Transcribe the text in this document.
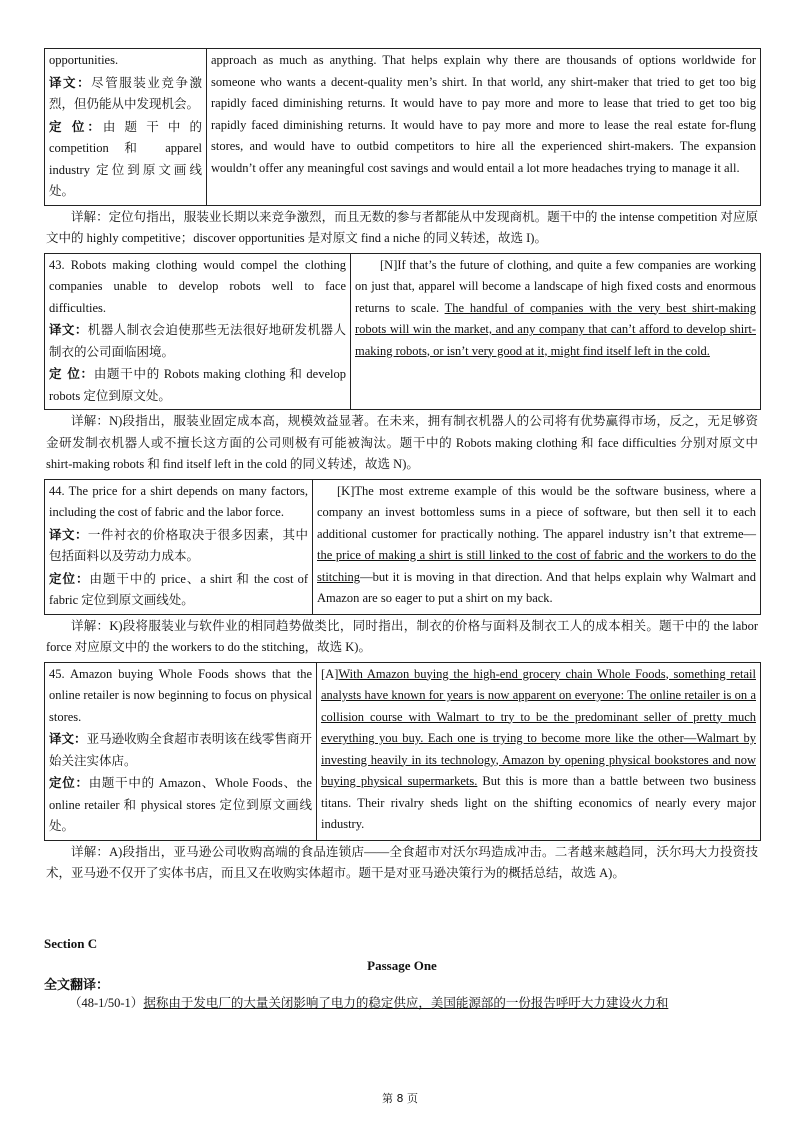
opportunities.
译文：尽管服装业竞争激烈，但仍能从中发现机会。
定 位：由 题 干 中 的 competition 和 apparel industry 定位到原文画线处。	approach as much as anything. That helps explain why there are thousands of options worldwide for someone who wants a decent-quality men’s shirt. In that world, any shirt-maker that tried to get too big rapidly faced diminishing returns. It would have to pay more and more to lease that tried to get too big rapidly faced diminishing returns. It would have to pay more and more to lease the real estate for-flung stores, and would have to outbid competitors to hire all the experienced shirt-makers. The expansion wouldn’t offer any meaningful cost savings and would entail a lot more headaches trying to manage it all.

详解：定位句指出，服装业长期以来竞争激烈，而且无数的参与者都能从中发现商机。题干中的 the intense competition 对应原文中的 highly competitive；discover opportunities 是对原文 find a niche 的同义转述，故选 I)。

43. Robots making clothing would compel the clothing companies unable to develop robots well to face difficulties.
译文：机器人制衣会迫使那些无法很好地研发机器人制衣的公司面临困境。
定 位：由题干中的 Robots making clothing 和 develop robots 定位到原文处。	[N]If that’s the future of clothing, and quite a few companies are working on just that, apparel will become a landscape of high fixed costs and enormous returns to scale. The handful of companies with the very best shirt-making robots will win the market, and any company that can’t afford to develop shirt-making robots, or isn’t very good at it, might find itself left in the cold.

详解：N)段指出，服装业固定成本高，规模效益显著。在未来，拥有制衣机器人的公司将有优势赢得市场，反之，无足够资金研发制衣机器人或不擅长这方面的公司则极有可能被淘汰。题干中的 Robots making clothing 和 face difficulties 分别对原文中 shirt-making robots 和 find itself left in the cold 的同义转述，故选 N)。

44. The price for a shirt depends on many factors, including the cost of fabric and the labor force.
译文：一件衬衣的价格取决于很多因素，其中包括面料以及劳动力成本。
定位：由题干中的 price、a shirt 和 the cost of fabric 定位到原文画线处。	[K]The most extreme example of this would be the software business, where a company an invest bottomless sums in a piece of software, but then sell it to each additional customer for practically nothing. The apparel industry isn’t that extreme—the price of making a shirt is still linked to the cost of fabric and the workers to do the stitching—but it is moving in that direction. And that helps explain why Walmart and Amazon are so eager to put a shirt on my back.

详解：K)段将服装业与软件业的相同趋势做类比，同时指出，制衣的价格与面料及制衣工人的成本相关。题干中的 the labor force 对应原文中的 the workers to do the stitching，故选 K)。

45. Amazon buying Whole Foods shows that the online retailer is now beginning to focus on physical stores.
译文：亚马逊收购全食超市表明该在线零售商开始关注实体店。
定位：由题干中的 Amazon、Whole Foods、the online retailer 和 physical stores 定位到原文画线处。	[A]With Amazon buying the high-end grocery chain Whole Foods, something retail analysts have known for years is now apparent on everyone: The online retailer is on a collision course with Walmart to try to be the predominant seller of pretty much everything you buy. Each one is trying to become more like the other—Walmart by investing heavily in its technology, Amazon by opening physical bookstores and now buying physical supermarkets. But this is more than a battle between two business titans. Their rivalry sheds light on the shifting economics of nearly every major industry.

详解：A)段指出，亚马逊公司收购高端的食品连锁店——全食超市对沃尔玛造成冲击。二者越来越趋同，沃尔玛大力投资技术，亚马逊不仅开了实体书店，而且又在收购实体超市。题干是对亚马逊决策行为的概括总结，故选 A)。

Section C
Passage One
全文翻译：

（48-1/50-1）据称由于发电厂的大量关闭影响了电力的稳定供应，美国能源部的一份报告呼吁大力建设火力和

第 8 页
